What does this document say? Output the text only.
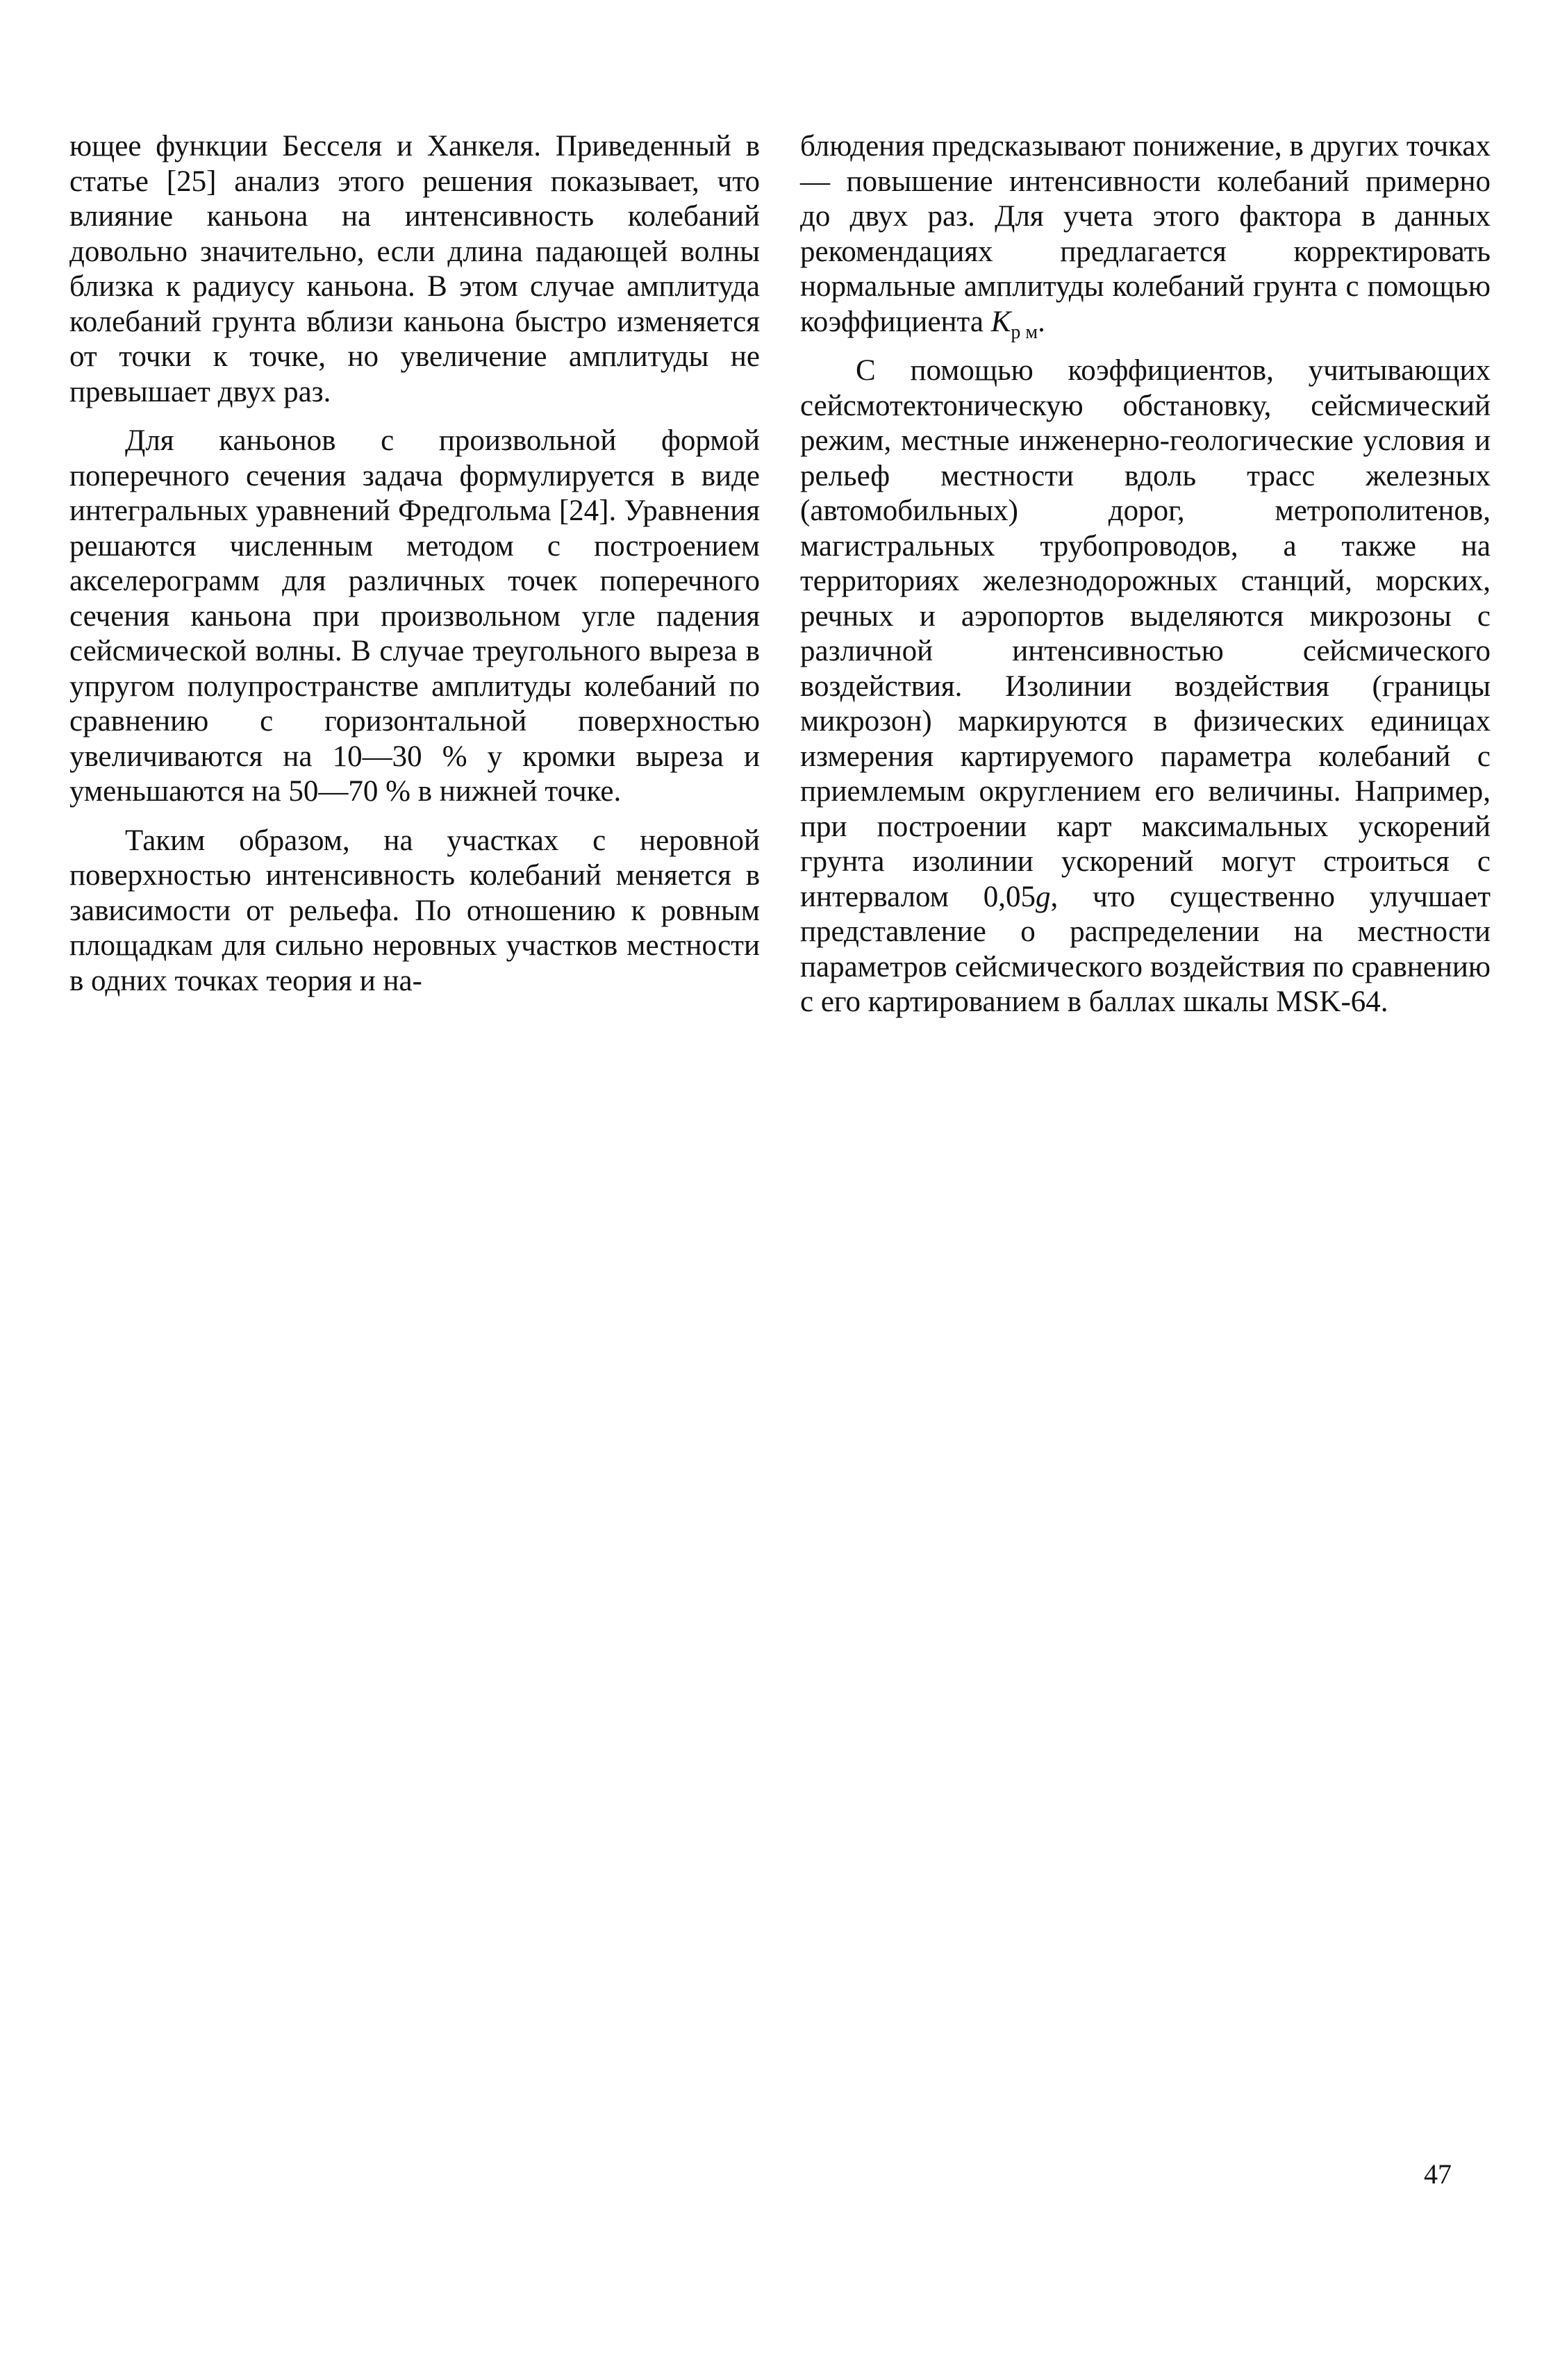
ющее функции Бесселя и Ханкеля. Приведенный в статье [25] анализ этого решения показывает, что влияние каньона на интенсивность колебаний довольно значительно, если длина падающей волны близка к радиусу каньона. В этом случае амплитуда колебаний грунта вблизи каньона быстро изменяется от точки к точке, но увеличение амплитуды не превышает двух раз.

Для каньонов с произвольной формой поперечного сечения задача формулируется в виде интегральных уравнений Фредгольма [24]. Уравнения решаются численным методом с построением акселерограмм для различных точек поперечного сечения каньона при произвольном угле падения сейсмической волны. В случае треугольного выреза в упругом полупространстве амплитуды колебаний по сравнению с горизонтальной поверхностью увеличиваются на 10—30 % у кромки выреза и уменьшаются на 50—70 % в нижней точке.

Таким образом, на участках с неровной поверхностью интенсивность колебаний меняется в зависимости от рельефа. По отношению к ровным площадкам для сильно неровных участков местности в одних точках теория и на-

блюдения предсказывают понижение, в других точках — повышение интенсивности колебаний примерно до двух раз. Для учета этого фактора в данных рекомендациях предлагается корректировать нормальные амплитуды колебаний грунта с помощью коэффициента $K_{р м}$.

С помощью коэффициентов, учитывающих сейсмотектоническую обстановку, сейсмический режим, местные инженерно-геологические условия и рельеф местности вдоль трасс железных (автомобильных) дорог, метрополитенов, магистральных трубопроводов, а также на территориях железнодорожных станций, морских, речных и аэропортов выделяются микрозоны с различной интенсивностью сейсмического воздействия. Изолинии воздействия (границы микрозон) маркируются в физических единицах измерения картируемого параметра колебаний с приемлемым округлением его величины. Например, при построении карт максимальных ускорений грунта изолинии ускорений могут строиться с интервалом 0,05g, что существенно улучшает представление о распределении на местности параметров сейсмического воздействия по сравнению с его картированием в баллах шкалы MSK-64.

47
